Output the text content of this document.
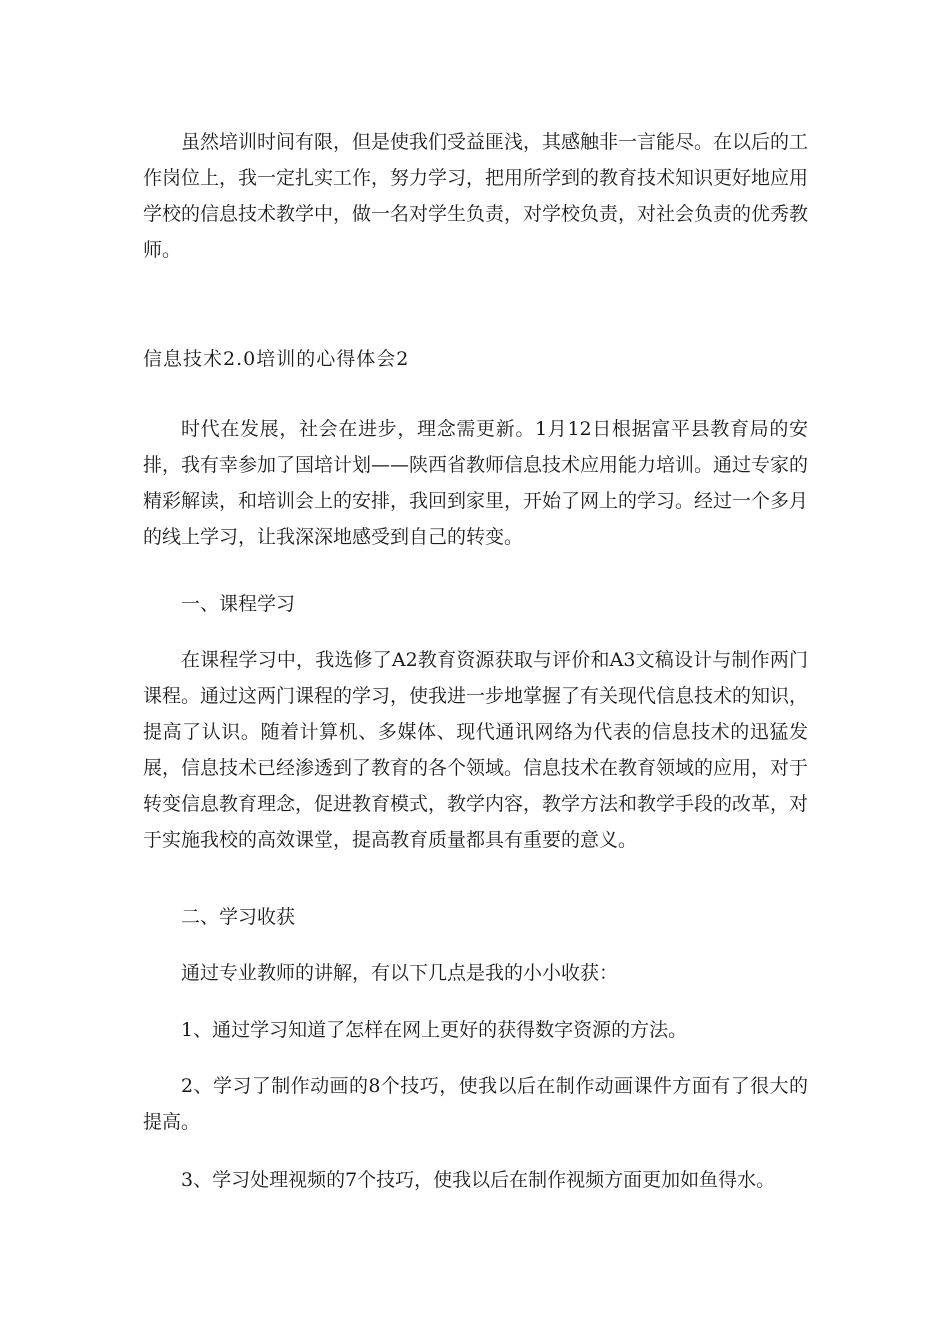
虽然培训时间有限，但是使我们受益匪浅，其感触非一言能尽。在以后的工作岗位上，我一定扎实工作，努力学习，把用所学到的教育技术知识更好地应用学校的信息技术教学中，做一名对学生负责，对学校负责，对社会负责的优秀教师。

信息技术2.0培训的心得体会2

时代在发展，社会在进步，理念需更新。1月12日根据富平县教育局的安排，我有幸参加了国培计划——陕西省教师信息技术应用能力培训。通过专家的精彩解读，和培训会上的安排，我回到家里，开始了网上的学习。经过一个多月的线上学习，让我深深地感受到自己的转变。

一、课程学习

在课程学习中，我选修了A2教育资源获取与评价和A3文稿设计与制作两门课程。通过这两门课程的学习，使我进一步地掌握了有关现代信息技术的知识，提高了认识。随着计算机、多媒体、现代通讯网络为代表的信息技术的迅猛发展，信息技术已经渗透到了教育的各个领域。信息技术在教育领域的应用，对于转变信息教育理念，促进教育模式，教学内容，教学方法和教学手段的改革，对于实施我校的高效课堂，提高教育质量都具有重要的意义。

二、学习收获

通过专业教师的讲解，有以下几点是我的小小收获：

1、通过学习知道了怎样在网上更好的获得数字资源的方法。

2、学习了制作动画的8个技巧，使我以后在制作动画课件方面有了很大的提高。

3、学习处理视频的7个技巧，使我以后在制作视频方面更加如鱼得水。
